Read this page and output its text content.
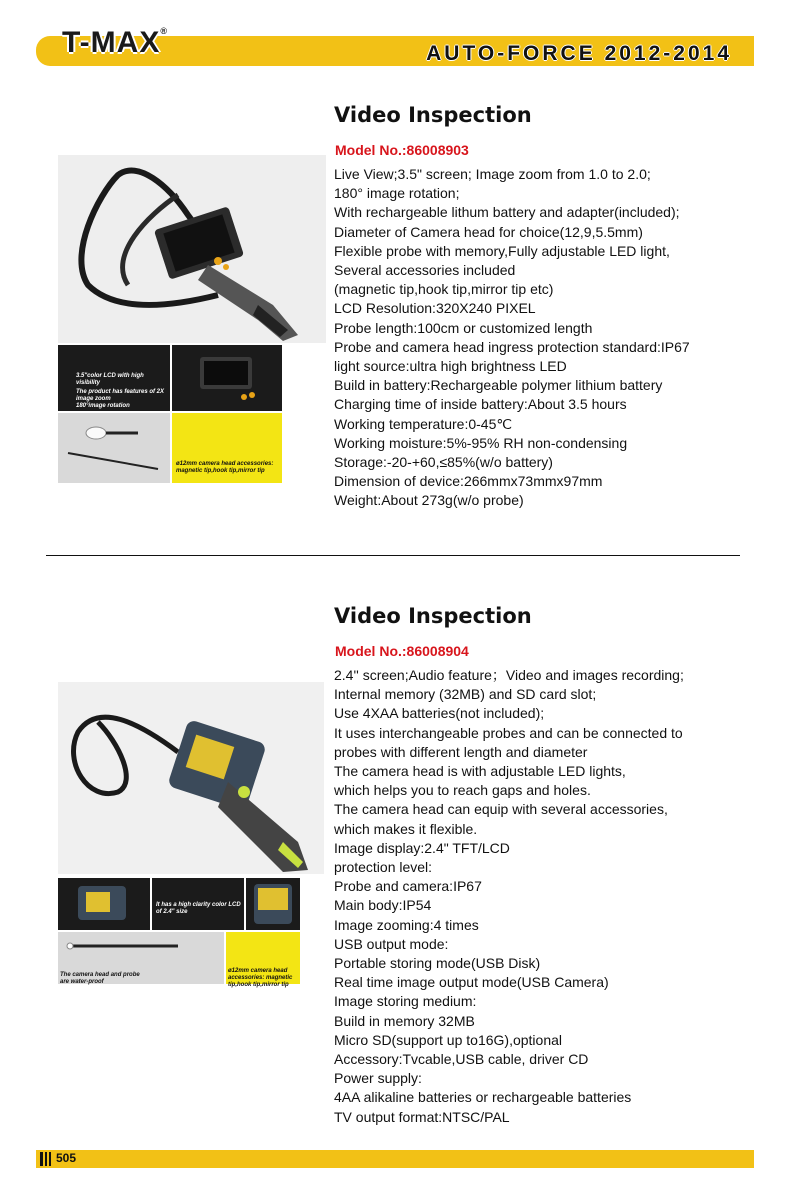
T-MAX®
AUTO-FORCE 2012-2014
Video Inspection
Model No.:86008903
Live View;3.5" screen; Image zoom from 1.0 to 2.0;
180° image rotation;
With rechargeable lithum battery and adapter(included);
Diameter of Camera head for choice(12,9,5.5mm)
Flexible probe with memory,Fully adjustable LED light,
Several accessories included
(magnetic tip,hook tip,mirror tip etc)
LCD Resolution:320X240 PIXEL
Probe length:100cm or customized length
Probe and camera head ingress protection standard:IP67
light source:ultra high brightness LED
Build in battery:Rechargeable polymer lithium battery
Charging time of inside battery:About 3.5 hours
Working temperature:0-45℃
Working moisture:5%-95% RH non-condensing
Storage:-20-+60,≤85%(w/o battery)
Dimension of device:266mmx73mmx97mm
Weight:About 273g(w/o probe)
3.5"color LCD with high visibility
The product has features of 2X image zoom
180°image rotation
ø12mm camera head accessories: magnetic tip,hook tip,mirror tip
Video Inspection
Model No.:86008904
2.4'' screen;Audio feature；Video and images recording;
Internal memory (32MB) and SD card slot;
Use 4XAA batteries(not included);
It uses interchangeable probes and can be connected to
probes with different length and diameter
The camera head is with adjustable LED lights,
which helps you to reach gaps and holes.
The camera head can equip with several accessories,
which makes it flexible.
Image display:2.4" TFT/LCD
protection level:
Probe and camera:IP67
Main body:IP54
Image zooming:4 times
USB output mode:
Portable storing mode(USB Disk)
Real time image output mode(USB Camera)
Image storing medium:
Build in memory 32MB
Micro SD(support up to16G),optional
Accessory:Tvcable,USB cable, driver CD
Power supply:
4AA alikaline batteries or rechargeable batteries
TV output format:NTSC/PAL
It has a high clarity color LCD of 2.4" size
The camera head and probe are water-proof
ø12mm camera head accessories: magnetic tip,hook tip,mirror tip
505
